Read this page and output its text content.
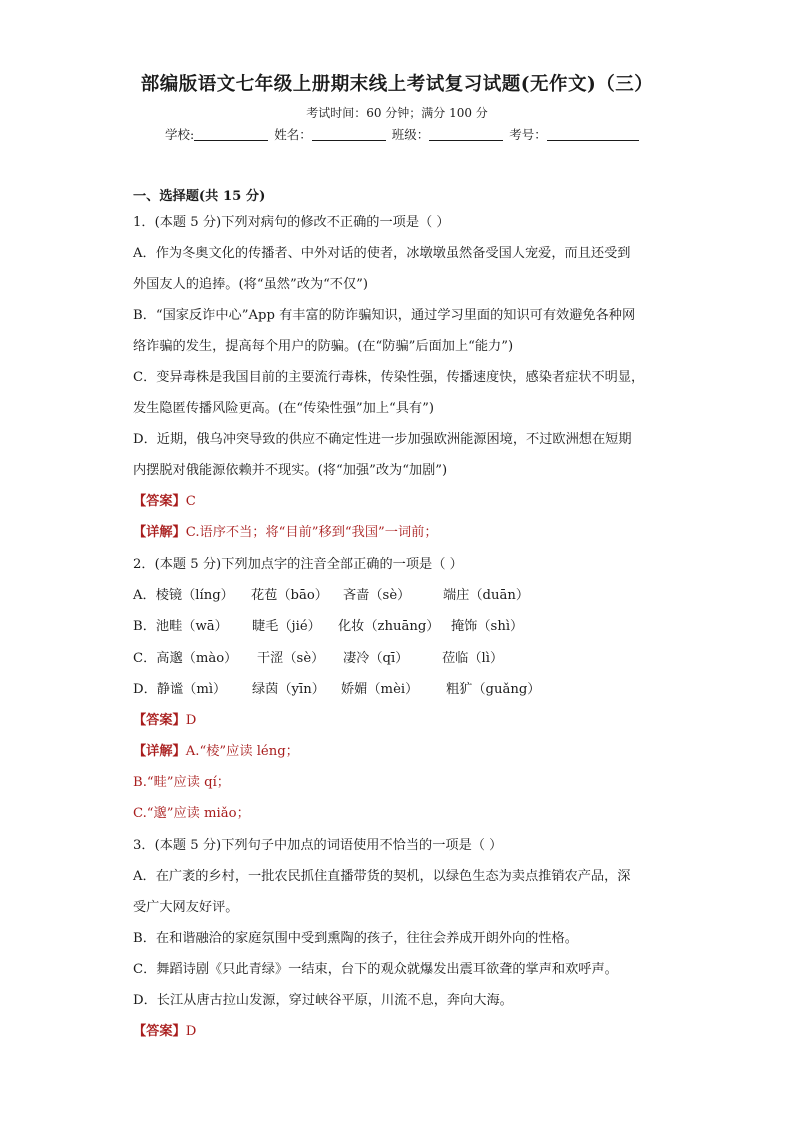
部编版语文七年级上册期末线上考试复习试题(无作文)（三）
考试时间：60 分钟；满分 100 分
学校:	姓名：	班级：	考号：
一、选择题(共 15 分)
1．(本题 5 分)下列对病句的修改不正确的一项是（ ）
A．作为冬奥文化的传播者、中外对话的使者，冰墩墩虽然备受国人宠爱，而且还受到
外国友人的追捧。(将“虽然”改为“不仅”)
B．“国家反诈中心”App 有丰富的防诈骗知识，通过学习里面的知识可有效避免各种网
络诈骗的发生，提高每个用户的防骗。(在“防骗”后面加上“能力”)
C．变异毒株是我国目前的主要流行毒株，传染性强，传播速度快，感染者症状不明显，
发生隐匿传播风险更高。(在“传染性强”加上“具有”)
D．近期，俄乌冲突导致的供应不确定性进一步加强欧洲能源困境，不过欧洲想在短期
内摆脱对俄能源依赖并不现实。(将“加强”改为“加剧”)
【答案】C
【详解】C.语序不当；将“目前”移到“我国”一词前；
2．(本题 5 分)下列加点字的注音全部正确的一项是（ ）
A．棱镜（líng） 花苞（bāo） 吝啬（sè） 端庄（duān）
B．池畦（wā） 睫毛（jié） 化妆（zhuāng） 掩饰（shì）
C．高邈（mào） 干涩（sè） 凄冷（qī）	莅临（lì）
D．静谧（mì） 绿茵（yīn） 娇媚（mèi） 粗犷（guǎng）
【答案】D
【详解】A.“棱”应读 léng；
B.“畦”应读 qí；
C.“邈”应读 miǎo；
3．(本题 5 分)下列句子中加点的词语使用不恰当的一项是（ ）
A．在广袤的乡村，一批农民抓住直播带货的契机，以绿色生态为卖点推销农产品，深
受广大网友好评。
B．在和谐融洽的家庭氛围中受到熏陶的孩子，往往会养成开朗外向的性格。
C．舞蹈诗剧《只此青绿》一结束，台下的观众就爆发出震耳欲聋的掌声和欢呼声。
D．长江从唐古拉山发源，穿过峡谷平原，川流不息，奔向大海。
【答案】D
